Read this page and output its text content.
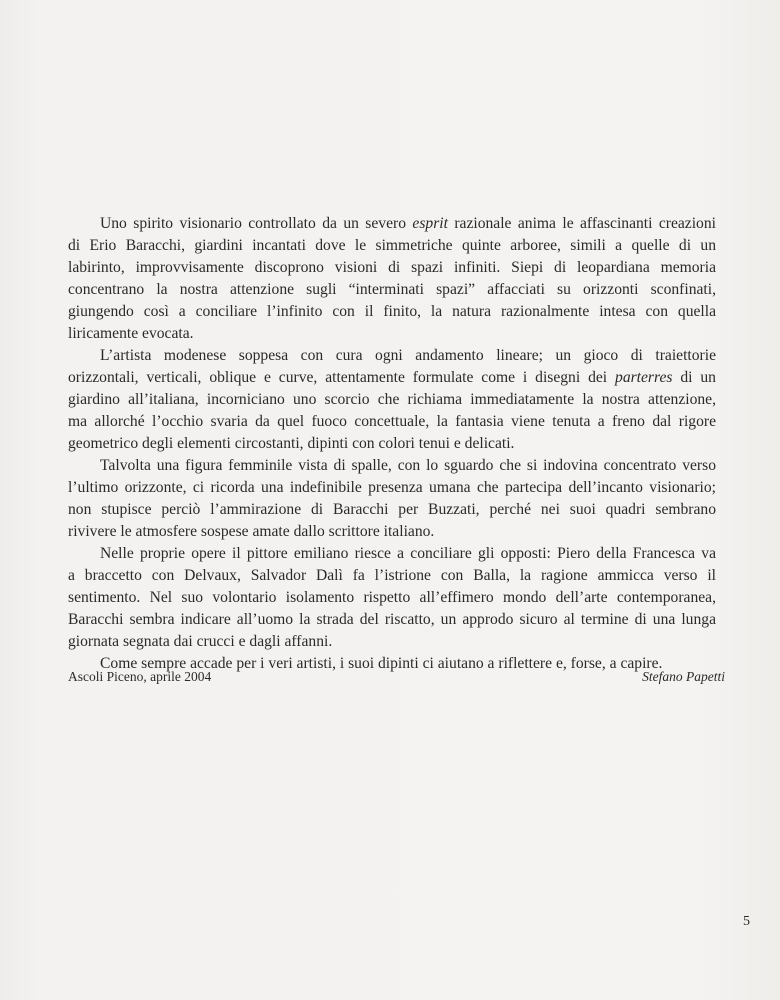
Uno spirito visionario controllato da un severo esprit razionale anima le affascinanti creazioni
di Erio Baracchi, giardini incantati dove le simmetriche quinte arboree, simili a quelle di un
labirinto, improvvisamente discoprono visioni di spazi infiniti. Siepi di leopardiana memoria
concentrano la nostra attenzione sugli “interminati spazi” affacciati su orizzonti sconfinati,
giungendo così a conciliare l’infinito con il finito, la natura razionalmente intesa con quella
liricamente evocata.

L’artista modenese soppesa con cura ogni andamento lineare; un gioco di traiettorie
orizzontali, verticali, oblique e curve, attentamente formulate come i disegni dei parterres di un
giardino all’italiana, incorniciano uno scorcio che richiama immediatamente la nostra attenzione,
ma allorché l’occhio svaria da quel fuoco concettuale, la fantasia viene tenuta a freno dal rigore
geometrico degli elementi circostanti, dipinti con colori tenui e delicati.

Talvolta una figura femminile vista di spalle, con lo sguardo che si indovina concentrato verso
l’ultimo orizzonte, ci ricorda una indefinibile presenza umana che partecipa dell’incanto visionario;
non stupisce perciò l’ammirazione di Baracchi per Buzzati, perché nei suoi quadri sembrano
rivivere le atmosfere sospese amate dallo scrittore italiano.

Nelle proprie opere il pittore emiliano riesce a conciliare gli opposti: Piero della Francesca va
a braccetto con Delvaux, Salvador Dalì fa l’istrione con Balla, la ragione ammicca verso il
sentimento. Nel suo volontario isolamento rispetto all’effimero mondo dell’arte contemporanea,
Baracchi sembra indicare all’uomo la strada del riscatto, un approdo sicuro al termine di una lunga
giornata segnata dai crucci e dagli affanni.

Come sempre accade per i veri artisti, i suoi dipinti ci aiutano a riflettere e, forse, a capire.

Ascoli Piceno, aprile 2004	Stefano Papetti
5
